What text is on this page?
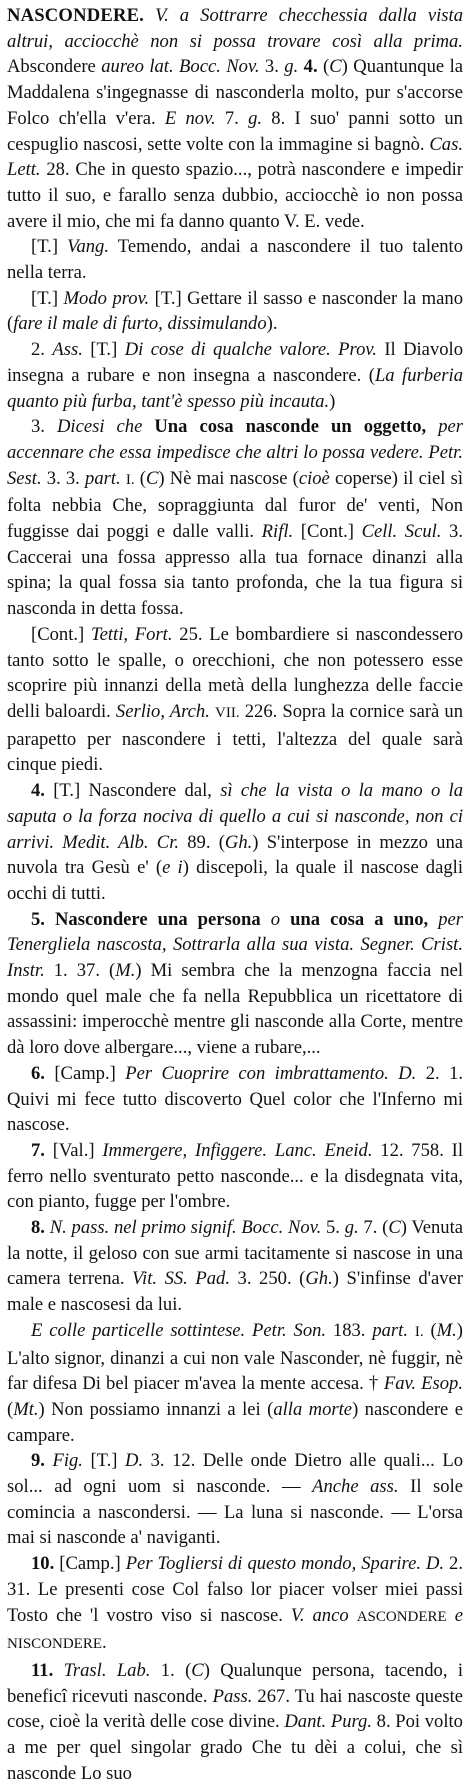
NASCONDERE. V. a Sottrarre checchessia dalla vista altrui, acciocchè non si possa trovare così alla prima. Abscondere aureo lat. Bocc. Nov. 3. g. 4. (C) Quantunque la Maddalena s'ingegnasse di nasconderla molto, pur s'accorse Folco ch'ella v'era. E nov. 7. g. 8. I suo' panni sotto un cespuglio nascosi, sette volte con la immagine si bagnò. Cas. Lett. 28. Che in questo spazio..., potrà nascondere e impedir tutto il suo, e farallo senza dubbio, acciocchè io non possa avere il mio, che mi fa danno quanto V. E. vede.

[T.] Vang. Temendo, andai a nascondere il tuo talento nella terra.

[T.] Modo prov. [T.] Gettare il sasso e nasconder la mano (fare il male di furto, dissimulando).

2. Ass. [T.] Di cose di qualche valore. Prov. Il Diavolo insegna a rubare e non insegna a nascondere. (La furberia quanto più furba, tant'è spesso più incauta.)

3. Dicesi che Una cosa nasconde un oggetto, per accennare che essa impedisce che altri lo possa vedere. Petr. Sest. 3. 3. part. I. (C) Nè mai nascose (cioè coperse) il ciel sì folta nebbia Che, sopraggiunta dal furor de' venti, Non fuggisse dai poggi e dalle valli. Rifl. [Cont.] Cell. Scul. 3. Caccerai una fossa appresso alla tua fornace dinanzi alla spina; la qual fossa sia tanto profonda, che la tua figura si nasconda in detta fossa.

[Cont.] Tetti, Fort. 25. Le bombardiere si nascondessero tanto sotto le spalle, o orecchioni, che non potessero esse scoprire più innanzi della metà della lunghezza delle faccie delli baloardi. Serlio, Arch. VII. 226. Sopra la cornice sarà un parapetto per nascondere i tetti, l'altezza del quale sarà cinque piedi.

4. [T.] Nascondere dal, sì che la vista o la mano o la saputa o la forza nociva di quello a cui si nasconde, non ci arrivi. Medit. Alb. Cr. 89. (Gh.) S'interpose in mezzo una nuvola tra Gesù e' (e i) discepoli, la quale il nascose dagli occhi di tutti.

5. Nascondere una persona o una cosa a uno, per Tenergliela nascosta, Sottrarla alla sua vista. Segner. Crist. Instr. 1. 37. (M.) Mi sembra che la menzogna faccia nel mondo quel male che fa nella Repubblica un ricettatore di assassini: imperocchè mentre gli nasconde alla Corte, mentre dà loro dove albergare..., viene a rubare,...

6. [Camp.] Per Cuoprire con imbrattamento. D. 2. 1. Quivi mi fece tutto discoverto Quel color che l'Inferno mi nascose.

7. [Val.] Immergere, Infiggere. Lanc. Eneid. 12. 758. Il ferro nello sventurato petto nasconde... e la disdegnata vita, con pianto, fugge per l'ombre.

8. N. pass. nel primo signif. Bocc. Nov. 5. g. 7. (C) Venuta la notte, il geloso con sue armi tacitamente si nascose in una camera terrena. Vit. SS. Pad. 3. 250. (Gh.) S'infinse d'aver male e nascosesi da lui.

E colle particelle sottintese. Petr. Son. 183. part. I. (M.) L'alto signor, dinanzi a cui non vale Nasconder, nè fuggir, nè far difesa Di bel piacer m'avea la mente accesa. † Fav. Esop. (Mt.) Non possiamo innanzi a lei (alla morte) nascondere e campare.

9. Fig. [T.] D. 3. 12. Delle onde Dietro alle quali... Lo sol... ad ogni uom si nasconde. — Anche ass. Il sole comincia a nascondersi. — La luna si nasconde. — L'orsa mai si nasconde a' naviganti.

10. [Camp.] Per Togliersi di questo mondo, Sparire. D. 2. 31. Le presenti cose Col falso lor piacer volser miei passi Tosto che 'l vostro viso si nascose. V. anco ASCONDERE e NISCONDERE.

11. Trasl. Lab. 1. (C) Qualunque persona, tacendo, i beneficî ricevuti nasconde. Pass. 267. Tu hai nascoste queste cose, cioè la verità delle cose divine. Dant. Purg. 8. Poi volto a me per quel singolar grado Che tu dèi a colui, che sì nasconde Lo suo
